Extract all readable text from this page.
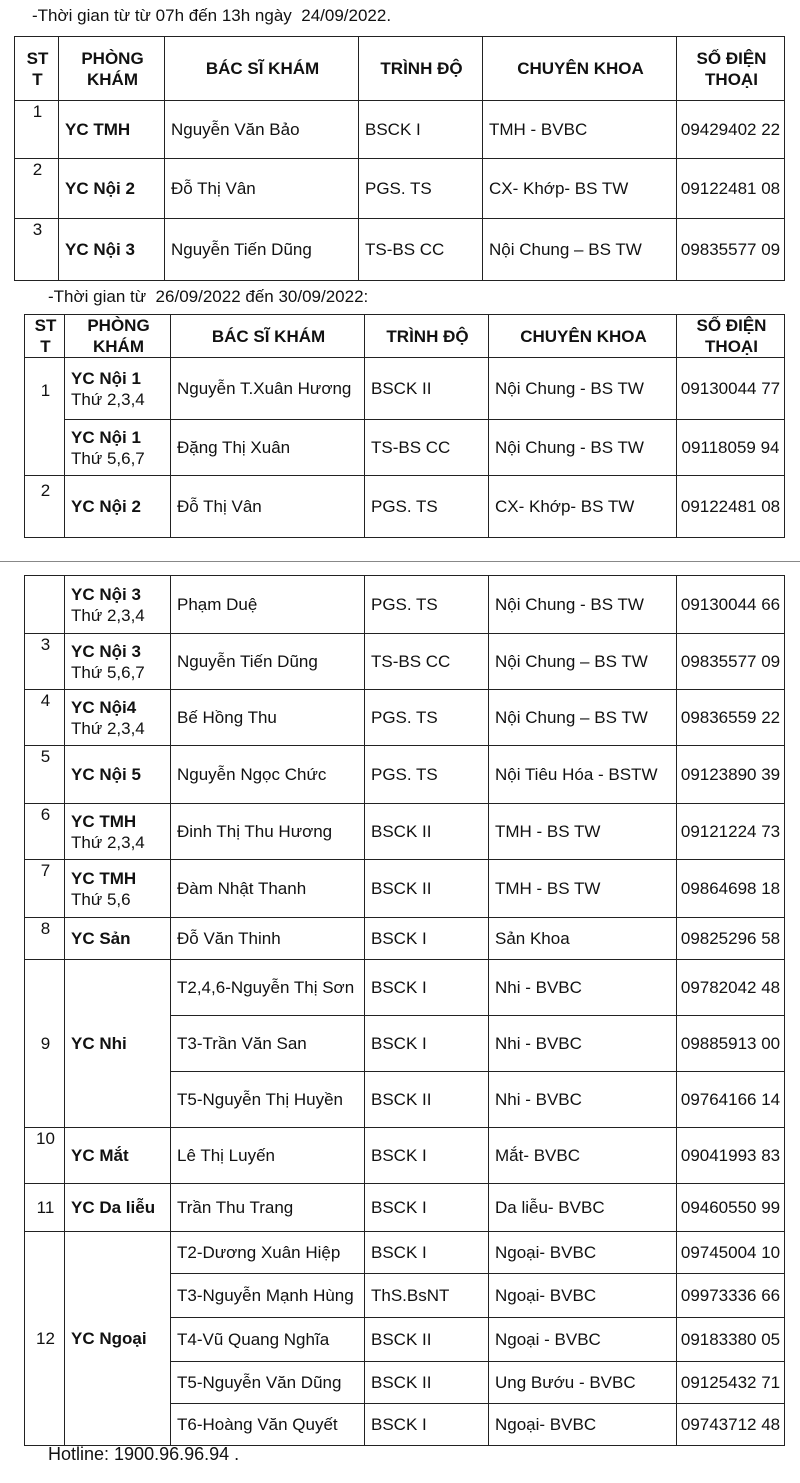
-Thời gian từ từ 07h đến 13h ngày  24/09/2022.
ST T	PHÒNG KHÁM	BÁC SĨ KHÁM	TRÌNH ĐỘ	CHUYÊN KHOA	SỐ ĐIỆN THOẠI
1	YC TMH	Nguyễn Văn Bảo	BSCK I	TMH - BVBC	09429402 22
2	YC Nội 2	Đỗ Thị Vân	PGS. TS	CX- Khớp- BS TW	09122481 08
3	YC Nội 3	Nguyễn Tiến Dũng	TS-BS CC	Nội Chung – BS TW	09835577 09
-Thời gian từ  26/09/2022 đến 30/09/2022:
ST T	PHÒNG KHÁM	BÁC SĨ KHÁM	TRÌNH ĐỘ	CHUYÊN KHOA	SỐ ĐIỆN THOẠI
1	YC Nội 1
Thứ 2,3,4	Nguyễn T.Xuân Hương	BSCK II	Nội Chung - BS TW	09130044 77

	YC Nội 1
Thứ 5,6,7	Đặng Thị Xuân	TS-BS CC	Nội Chung - BS TW	09118059 94
2	YC Nội 2	Đỗ Thị Vân	PGS. TS	CX- Khớp- BS TW	09122481 08

	YC Nội 3
Thứ 2,3,4	Phạm Duệ	PGS. TS	Nội Chung - BS TW	09130044 66
3	YC Nội 3
Thứ 5,6,7	Nguyễn Tiến Dũng	TS-BS CC	Nội Chung – BS TW	09835577 09
4	YC Nội4
Thứ 2,3,4	Bế Hồng Thu	PGS. TS	Nội Chung – BS TW	09836559 22
5	YC Nội 5	Nguyễn Ngọc Chức	PGS. TS	Nội Tiêu Hóa - BSTW	09123890 39
6	YC TMH
Thứ 2,3,4	Đinh Thị Thu Hương	BSCK II	TMH - BS TW	09121224 73
7	YC TMH
Thứ 5,6	Đàm Nhật Thanh	BSCK II	TMH - BS TW	09864698 18
8	YC Sản	Đỗ Văn Thinh	BSCK I	Sản Khoa	09825296 58
9	YC Nhi	T2,4,6-Nguyễn Thị Sơn	BSCK I	Nhi - BVBC	09782042 48
		T3-Trần Văn San	BSCK I	Nhi - BVBC	09885913 00
		T5-Nguyễn Thị Huyền	BSCK II	Nhi - BVBC	09764166 14
10	YC Mắt	Lê Thị Luyến	BSCK I	Mắt- BVBC	09041993 83
11	YC Da liễu	Trần Thu Trang	BSCK I	Da liễu- BVBC	09460550 99
12	YC Ngoại	T2-Dương Xuân Hiệp	BSCK I	Ngoại- BVBC	09745004 10
		T3-Nguyễn Mạnh Hùng	ThS.BsNT	Ngoại- BVBC	09973336 66
		T4-Vũ Quang Nghĩa	BSCK II	Ngoại - BVBC	09183380 05
		T5-Nguyễn Văn Dũng	BSCK II	Ung Bướu - BVBC	09125432 71
		T6-Hoàng Văn Quyết	BSCK I	Ngoại- BVBC	09743712 48
Hotline: 1900.96.96.94 .
